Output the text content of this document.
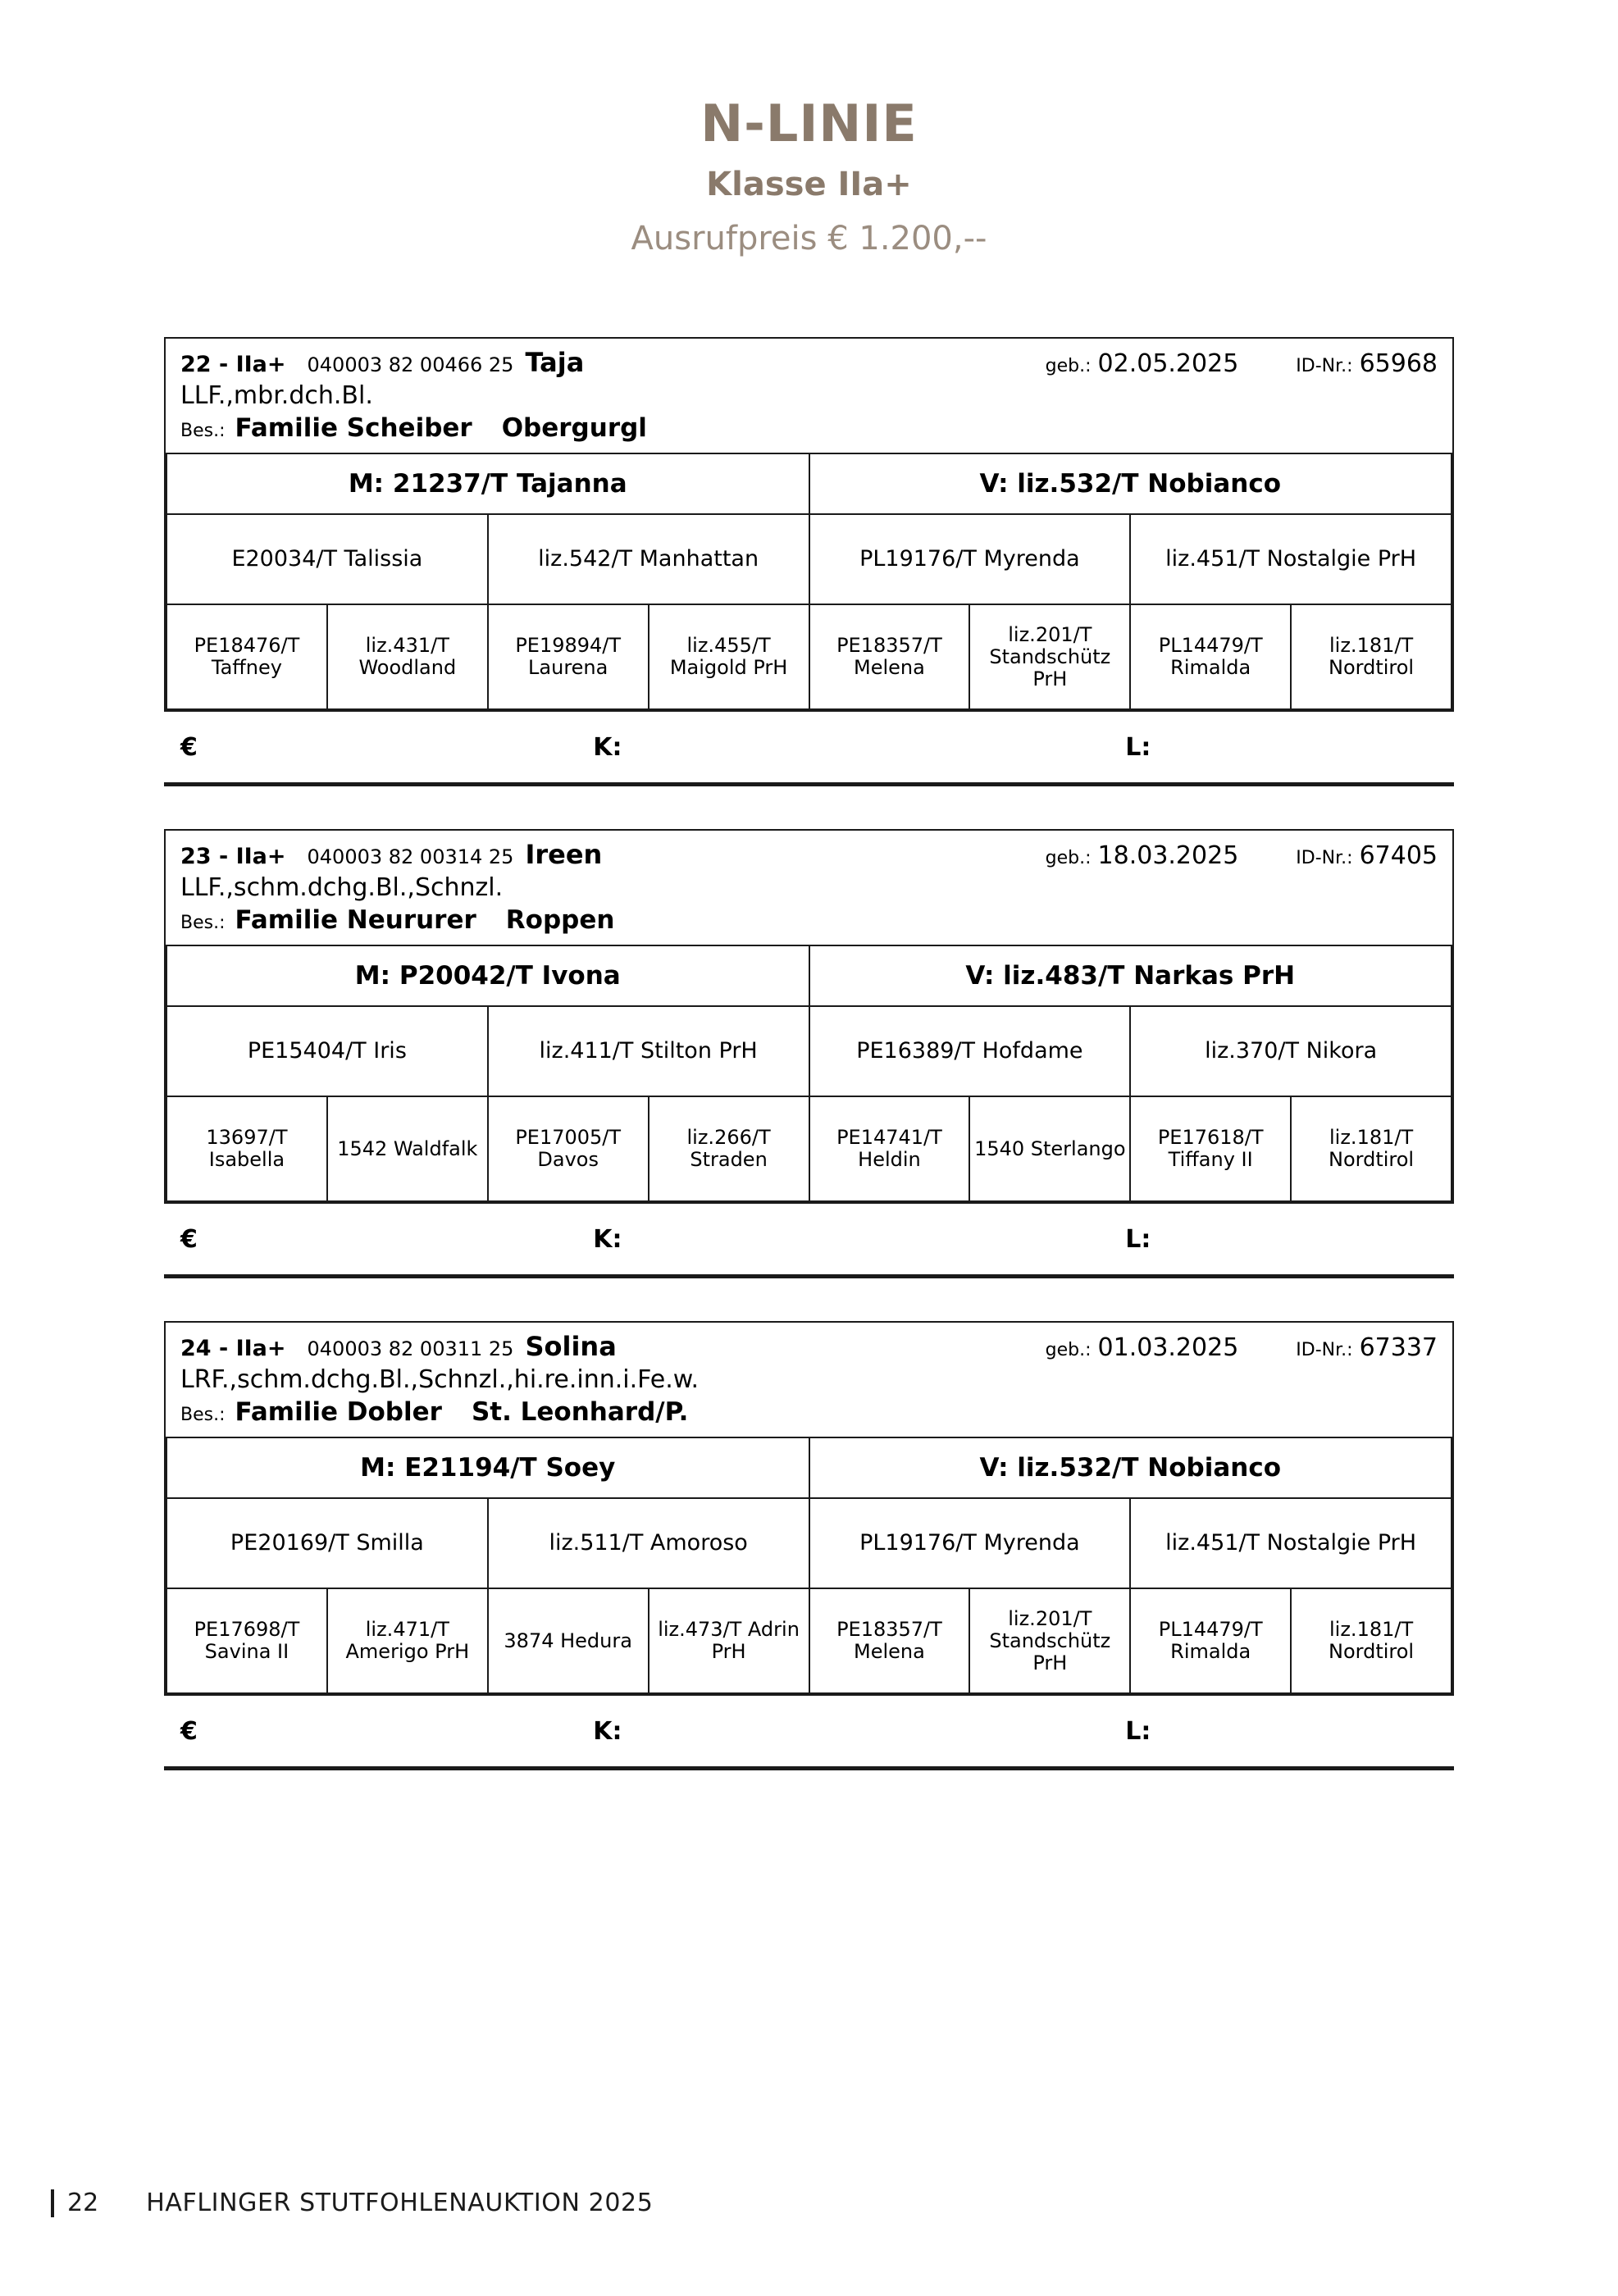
N-LINIE
Klasse IIa+
Ausrufpreis € 1.200,--
22 - IIa+ 040003 82 00466 25 Taja	geb.: 02.05.2025	ID-Nr.: 65968
LLF.,mbr.dch.Bl.
Bes.: Familie Scheiber Obergurgl
M: 21237/T Tajanna				V: liz.532/T Nobianco			
E20034/T Talissia		liz.542/T Manhattan		PL19176/T Myrenda		liz.451/T Nostalgie PrH	
PE18476/T Taffney	liz.431/T Woodland	PE19894/T Laurena	liz.455/T Maigold PrH	PE18357/T Melena	liz.201/T Standschütz PrH	PL14479/T Rimalda	liz.181/T Nordtirol
€	K:	L:
23 - IIa+ 040003 82 00314 25 Ireen	geb.: 18.03.2025	ID-Nr.: 67405
LLF.,schm.dchg.Bl.,Schnzl.
Bes.: Familie Neururer Roppen
M: P20042/T Ivona				V: liz.483/T Narkas PrH			
PE15404/T Iris		liz.411/T Stilton PrH		PE16389/T Hofdame		liz.370/T Nikora	
13697/T Isabella	1542 Waldfalk	PE17005/T Davos	liz.266/T Straden	PE14741/T Heldin	1540 Sterlango	PE17618/T Tiffany II	liz.181/T Nordtirol
€	K:	L:
24 - IIa+ 040003 82 00311 25 Solina	geb.: 01.03.2025	ID-Nr.: 67337
LRF.,schm.dchg.Bl.,Schnzl.,hi.re.inn.i.Fe.w.
Bes.: Familie Dobler St. Leonhard/P.
M: E21194/T Soey				V: liz.532/T Nobianco			
PE20169/T Smilla		liz.511/T Amoroso		PL19176/T Myrenda		liz.451/T Nostalgie PrH	
PE17698/T Savina II	liz.471/T Amerigo PrH	3874 Hedura	liz.473/T Adrin PrH	PE18357/T Melena	liz.201/T Standschütz PrH	PL14479/T Rimalda	liz.181/T Nordtirol
€	K:	L:
22 HAFLINGER STUTFOHLENAUKTION 2025
